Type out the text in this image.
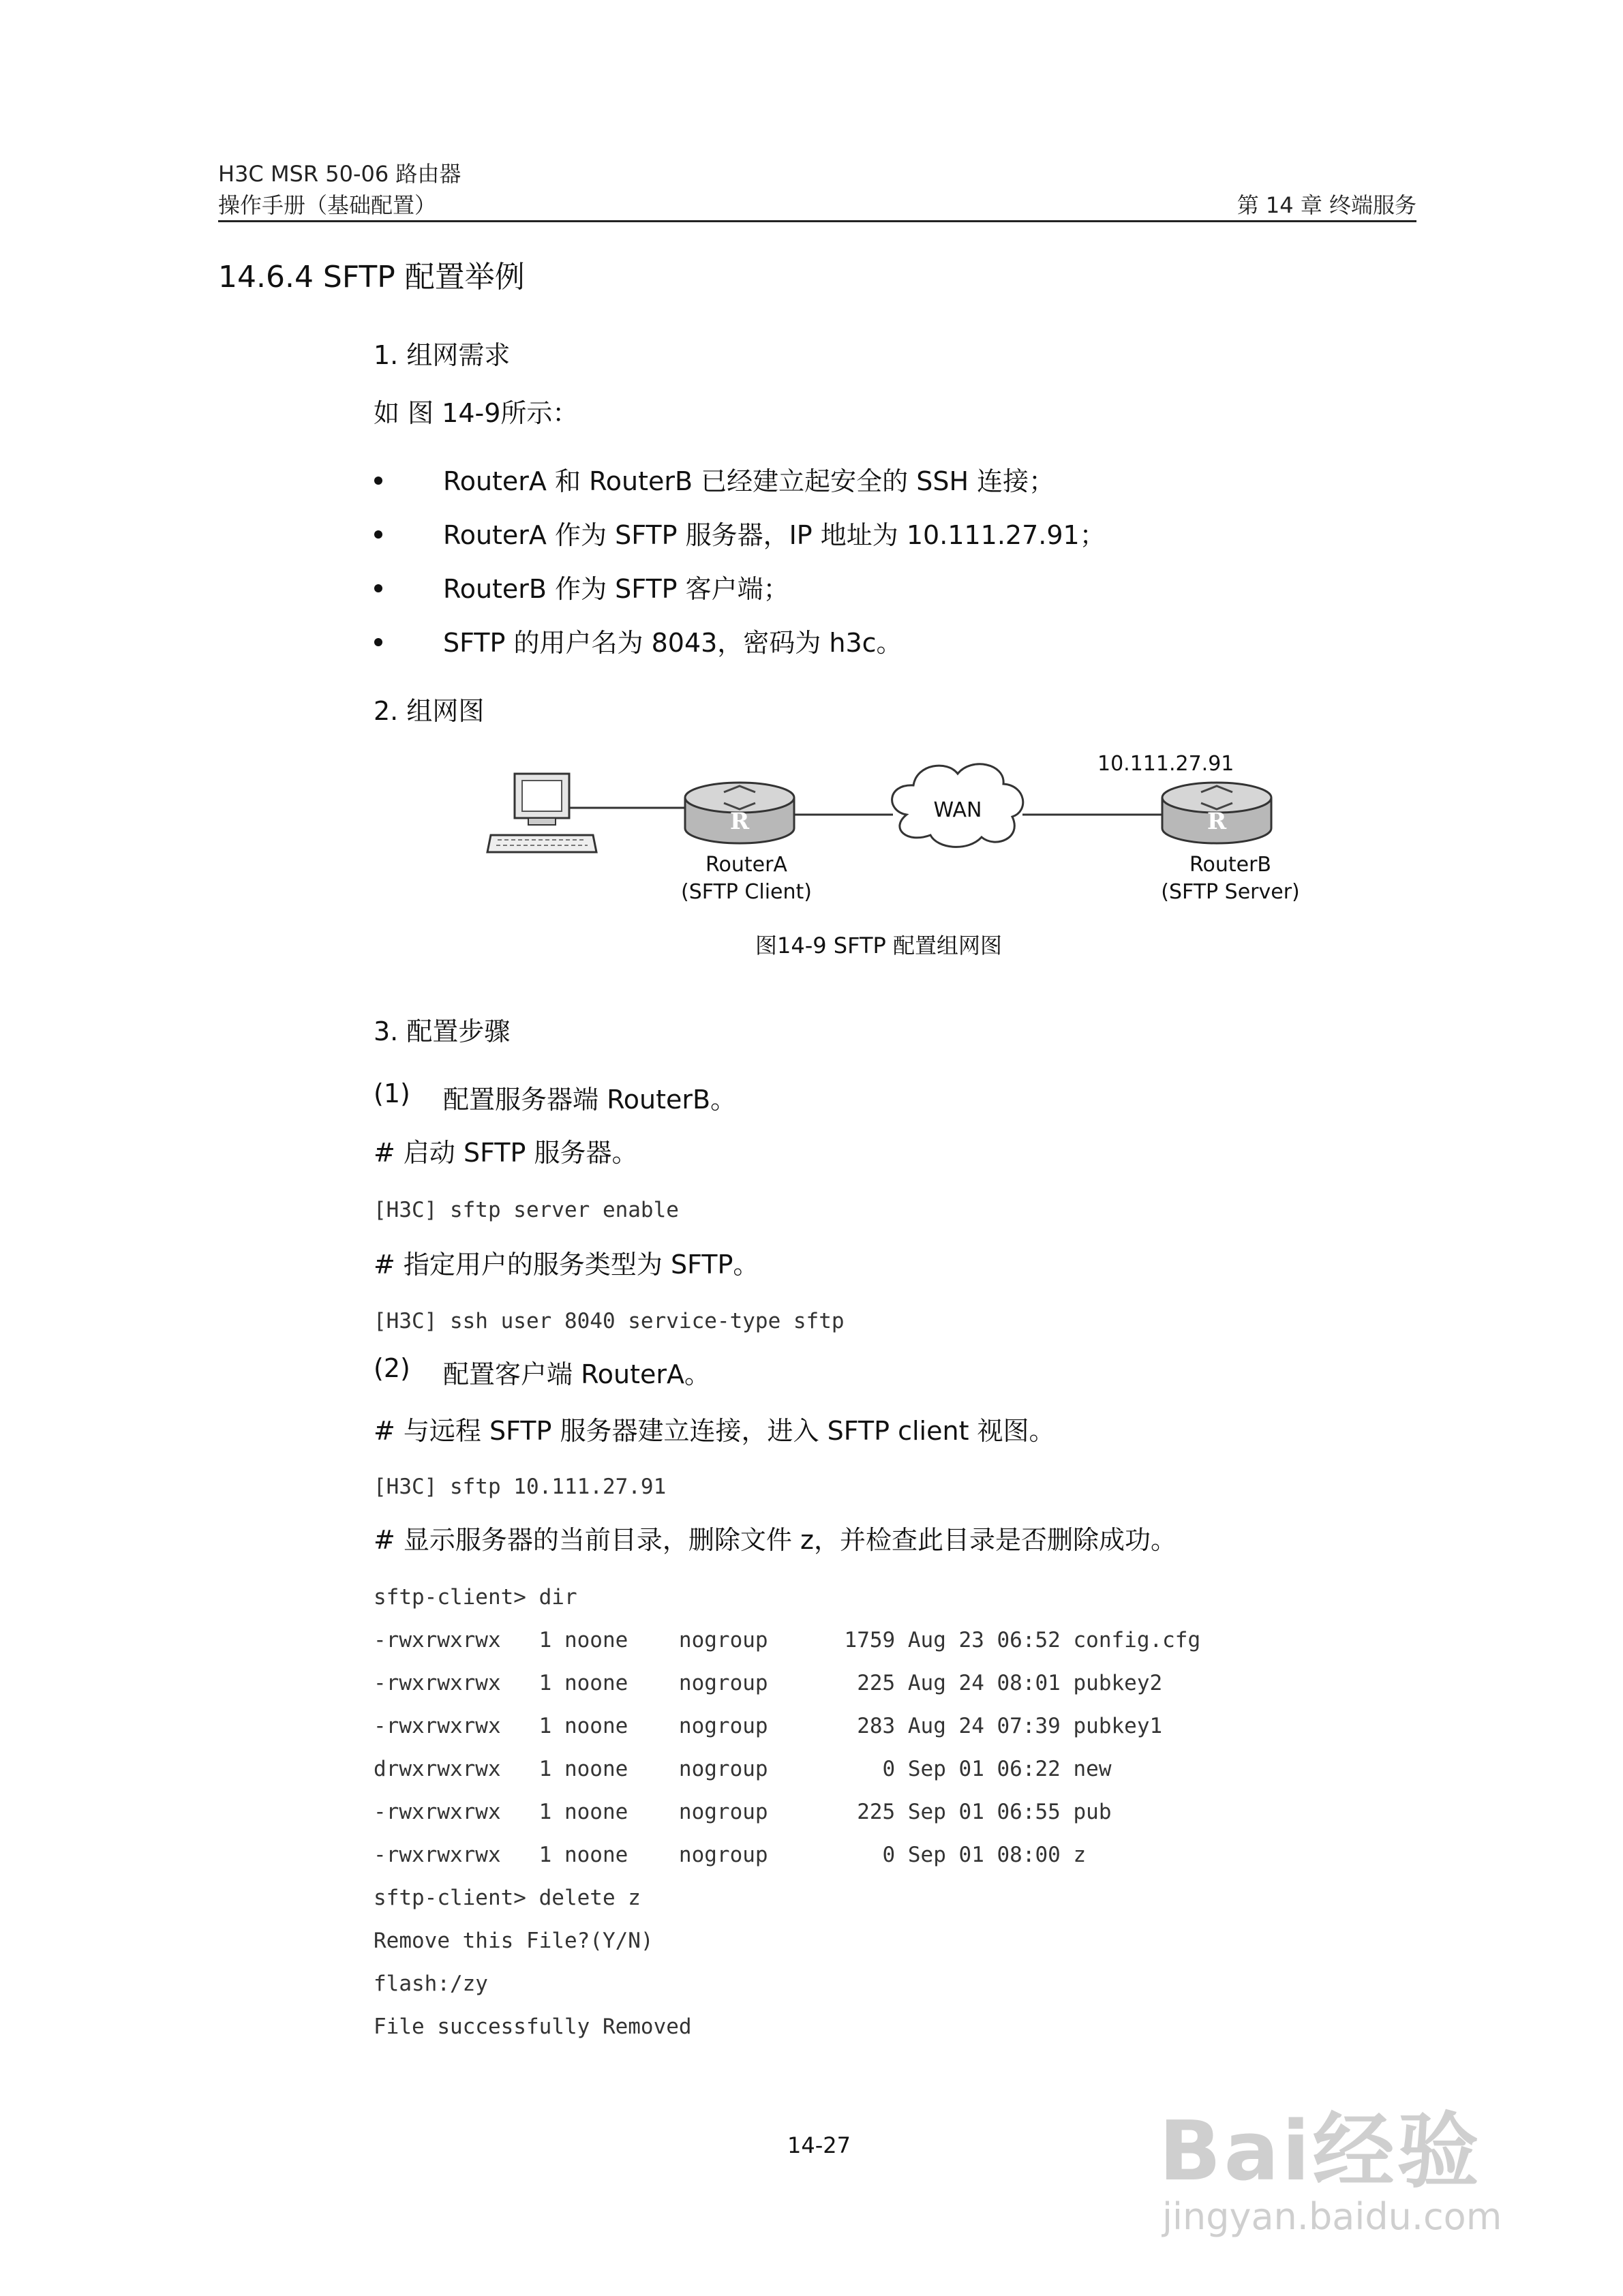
H3C MSR 50-06 路由器
操作手册（基础配置）	第 14 章 终端服务
14.6.4 SFTP 配置举例
1. 组网需求
如 图 14-9所示：
RouterA 和 RouterB 已经建立起安全的 SSH 连接；
RouterA 作为 SFTP 服务器，IP 地址为 10.111.27.91；
RouterB 作为 SFTP 客户端；
SFTP 的用户名为 8043，密码为 h3c。
2. 组网图
R	WAN	R
10.111.27.91
RouterA
(SFTP Client)
RouterB
(SFTP Server)
图14-9 SFTP 配置组网图
3. 配置步骤
(1) 配置服务器端 RouterB。
# 启动 SFTP 服务器。
[H3C] sftp server enable
# 指定用户的服务类型为 SFTP。
[H3C] ssh user 8040 service-type sftp
(2) 配置客户端 RouterA。
# 与远程 SFTP 服务器建立连接，进入 SFTP client 视图。
[H3C] sftp 10.111.27.91
# 显示服务器的当前目录，删除文件 z，并检查此目录是否删除成功。
sftp-client> dir
-rwxrwxrwx   1 noone    nogroup      1759 Aug 23 06:52 config.cfg
-rwxrwxrwx   1 noone    nogroup       225 Aug 24 08:01 pubkey2
-rwxrwxrwx   1 noone    nogroup       283 Aug 24 07:39 pubkey1
drwxrwxrwx   1 noone    nogroup         0 Sep 01 06:22 new
-rwxrwxrwx   1 noone    nogroup       225 Sep 01 06:55 pub
-rwxrwxrwx   1 noone    nogroup         0 Sep 01 08:00 z
sftp-client> delete z
Remove this File?(Y/N)
flash:/zy
File successfully Removed
14-27	Bai经验
jingyan.baidu.com
